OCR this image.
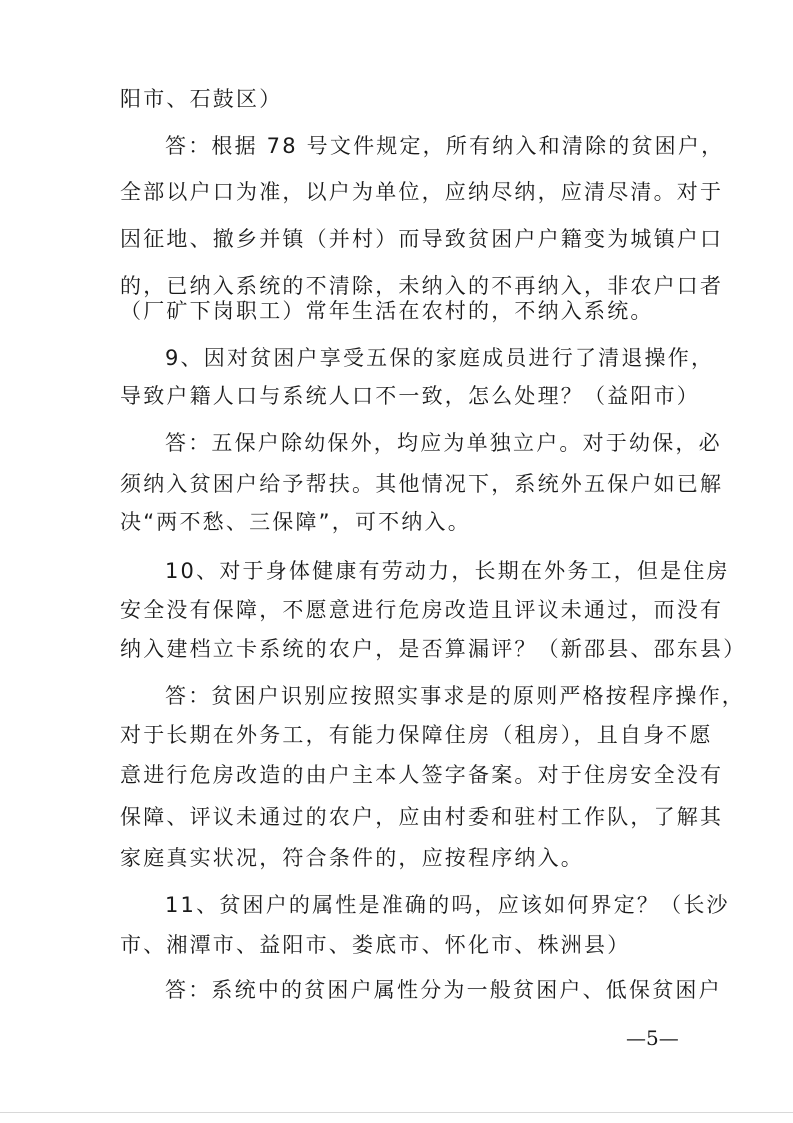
阳市、石鼓区）
答：根据 78 号文件规定，所有纳入和清除的贫困户，
全部以户口为准，以户为单位，应纳尽纳，应清尽清。对于
因征地、撤乡并镇（并村）而导致贫困户户籍变为城镇户口
的，已纳入系统的不清除，未纳入的不再纳入，非农户口者
（厂矿下岗职工）常年生活在农村的，不纳入系统。
9、因对贫困户享受五保的家庭成员进行了清退操作，
导致户籍人口与系统人口不一致，怎么处理？（益阳市）
答：五保户除幼保外，均应为单独立户。对于幼保，必
须纳入贫困户给予帮扶。其他情况下，系统外五保户如已解
决“两不愁、三保障”，可不纳入。
10、对于身体健康有劳动力，长期在外务工，但是住房
安全没有保障，不愿意进行危房改造且评议未通过，而没有
纳入建档立卡系统的农户，是否算漏评？（新邵县、邵东县）
答：贫困户识别应按照实事求是的原则严格按程序操作，
对于长期在外务工，有能力保障住房（租房），且自身不愿
意进行危房改造的由户主本人签字备案。对于住房安全没有
保障、评议未通过的农户，应由村委和驻村工作队，了解其
家庭真实状况，符合条件的，应按程序纳入。
11、贫困户的属性是准确的吗，应该如何界定？（长沙
市、湘潭市、益阳市、娄底市、怀化市、株洲县）
答：系统中的贫困户属性分为一般贫困户、低保贫困户
—5—
